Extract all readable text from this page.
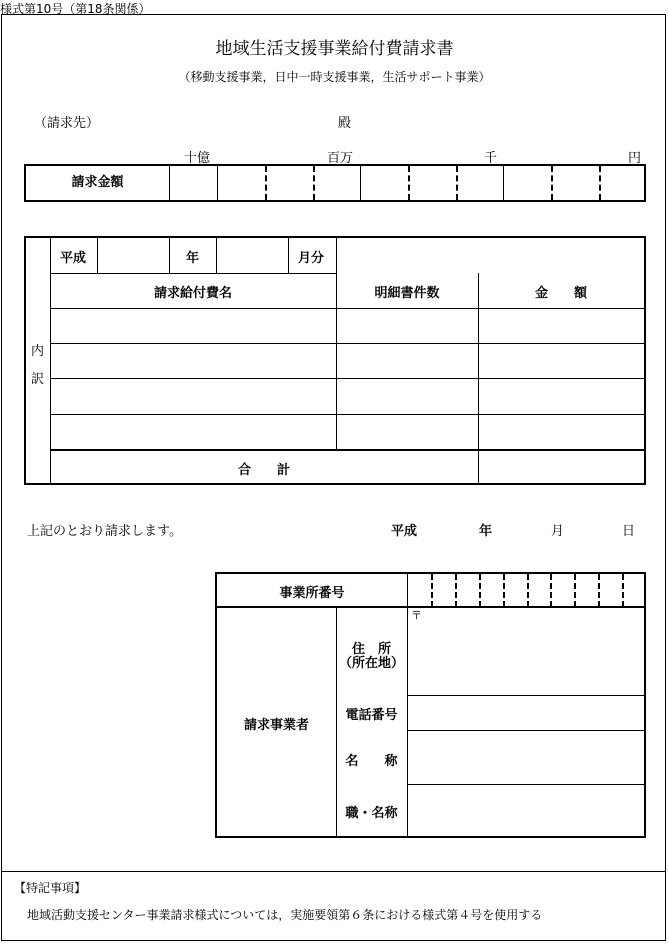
様式第10号（第18条関係）
地域生活支援事業給付費請求書
（移動支援事業，日中一時支援事業，生活サポート事業）
（請求先）	殿
十億	百万	千	円
請求金額
内
訳
平成	年	月分
請求給付費名	明細書件数	金　　額
合　　計
上記のとおり請求します。	平成	年	月	日
事業所番号
請求事業者
住　所
（所在地）
〒
電話番号
名　　称
職・名称
【特記事項】
地域活動支援センター事業請求様式については，実施要領第６条における様式第４号を使用する
